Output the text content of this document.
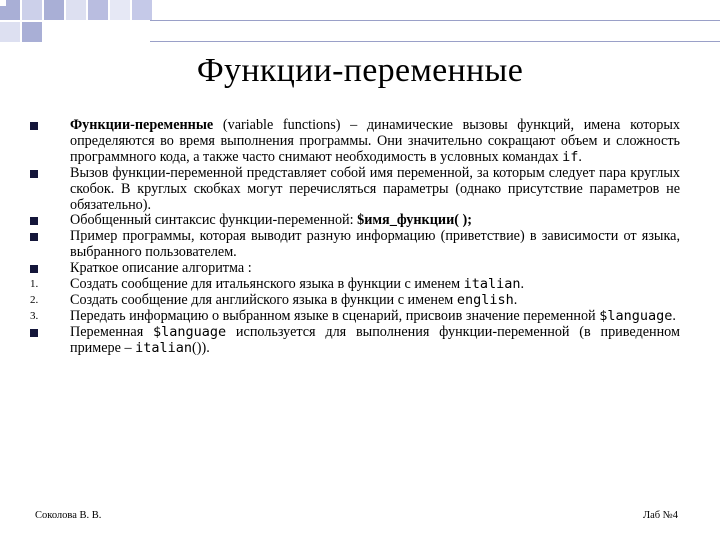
Функции-переменные
Функции-переменные (variable functions) – динамические вызовы функций, имена которых определяются во время выполнения программы. Они значительно сокращают объем и сложность программного кода, а также часто снимают необходимость в условных командах if.
Вызов функции-переменной представляет собой имя переменной, за которым следует пара круглых скобок. В круглых скобках могут перечисляться параметры (однако присутствие параметров не обязательно).
Обобщенный синтаксис функции-переменной: $имя_функции( );
Пример программы, которая выводит разную информацию (приветствие) в зависимости от языка, выбранного пользователем.
Краткое описание алгоритма :
1. Создать сообщение для итальянского языка в функции с именем italian.
2. Создать сообщение для английского языка в функции с именем english.
3. Передать информацию о выбранном языке в сценарий, присвоив значение переменной $language.
Переменная $language используется для выполнения функции-переменной (в приведенном примере – italian()).
Соколова В. В.	Лаб №4
